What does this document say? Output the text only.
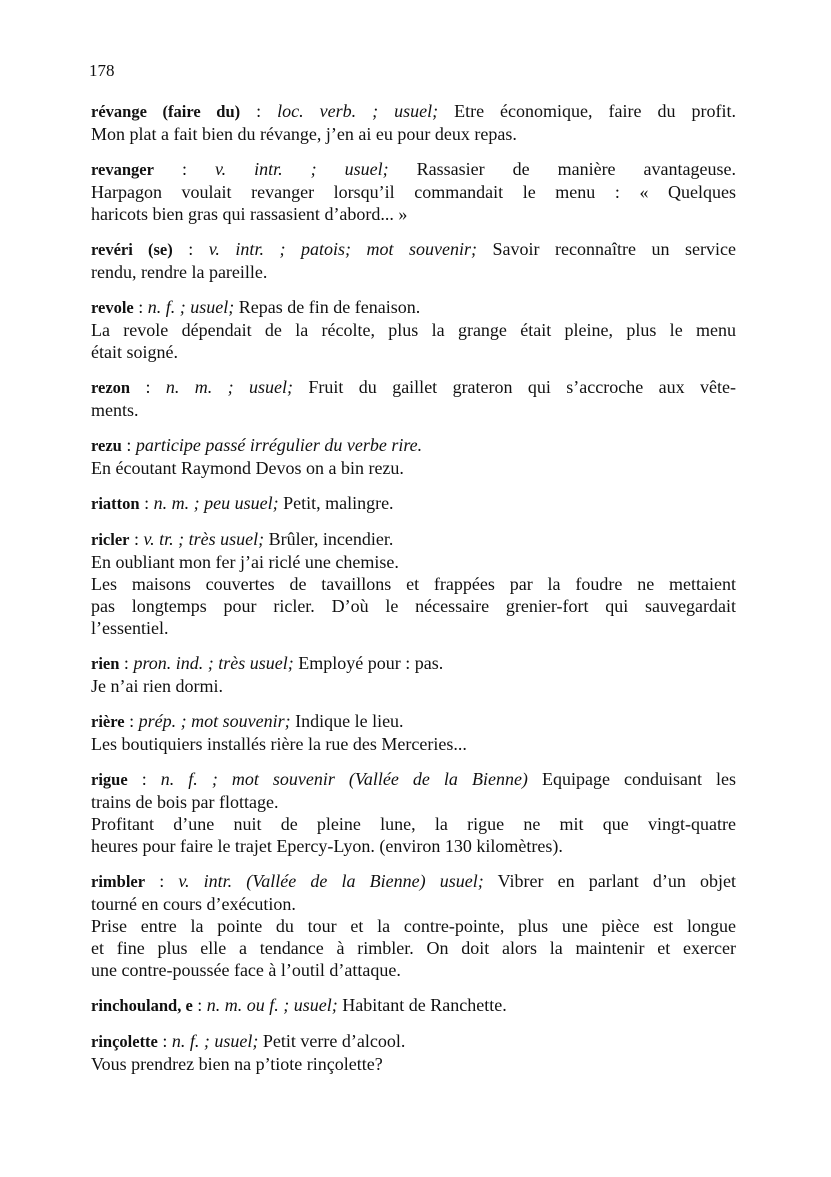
178
révange (faire du) : loc. verb. ; usuel; Etre économique, faire du profit.
Mon plat a fait bien du révange, j’en ai eu pour deux repas.
revanger : v. intr. ; usuel; Rassasier de manière avantageuse.
Harpagon voulait revanger lorsqu’il commandait le menu : « Quelques
haricots bien gras qui rassasient d’abord... »
revéri (se) : v. intr. ; patois; mot souvenir; Savoir reconnaître un service
rendu, rendre la pareille.
revole : n. f. ; usuel; Repas de fin de fenaison.
La revole dépendait de la récolte, plus la grange était pleine, plus le menu
était soigné.
rezon : n. m. ; usuel; Fruit du gaillet grateron qui s’accroche aux vête-
ments.
rezu : participe passé irrégulier du verbe rire.
En écoutant Raymond Devos on a bin rezu.
riatton : n. m. ; peu usuel; Petit, malingre.
ricler : v. tr. ; très usuel; Brûler, incendier.
En oubliant mon fer j’ai riclé une chemise.
Les maisons couvertes de tavaillons et frappées par la foudre ne mettaient
pas longtemps pour ricler. D’où le nécessaire grenier-fort qui sauvegardait
l’essentiel.
rien : pron. ind. ; très usuel; Employé pour : pas.
Je n’ai rien dormi.
rière : prép. ; mot souvenir; Indique le lieu.
Les boutiquiers installés rière la rue des Merceries...
rigue : n. f. ; mot souvenir (Vallée de la Bienne) Equipage conduisant les
trains de bois par flottage.
Profitant d’une nuit de pleine lune, la rigue ne mit que vingt-quatre
heures pour faire le trajet Epercy-Lyon. (environ 130 kilomètres).
rimbler : v. intr. (Vallée de la Bienne) usuel; Vibrer en parlant d’un objet
tourné en cours d’exécution.
Prise entre la pointe du tour et la contre-pointe, plus une pièce est longue
et fine plus elle a tendance à rimbler. On doit alors la maintenir et exercer
une contre-poussée face à l’outil d’attaque.
rinchouland, e : n. m. ou f. ; usuel; Habitant de Ranchette.
rinçolette : n. f. ; usuel; Petit verre d’alcool.
Vous prendrez bien na p’tiote rinçolette?
